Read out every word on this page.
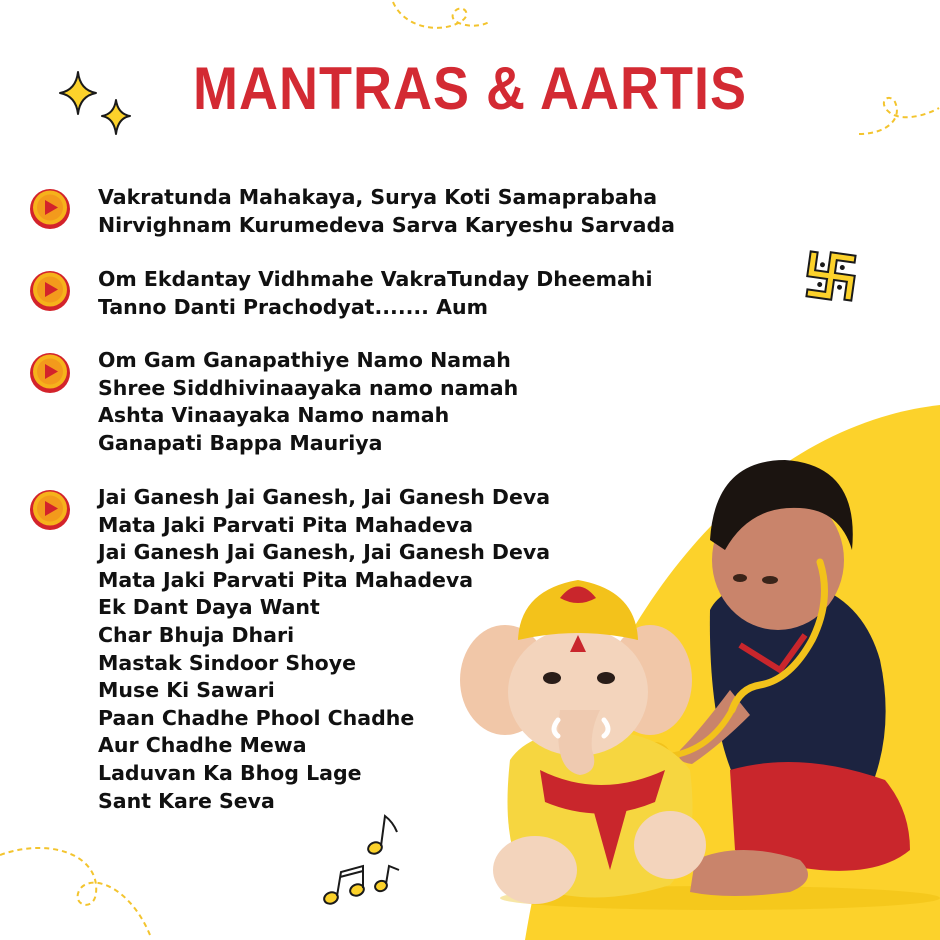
MANTRAS & AARTIS
Vakratunda Mahakaya, Surya Koti Samaprabaha
Nirvighnam Kurumedeva Sarva Karyeshu Sarvada
Om Ekdantay Vidhmahe VakraTunday Dheemahi
Tanno Danti Prachodyat....... Aum
Om Gam Ganapathiye Namo Namah
Shree Siddhivinaayaka namo namah
Ashta Vinaayaka Namo namah
Ganapati Bappa Mauriya
Jai Ganesh Jai Ganesh, Jai Ganesh Deva
Mata Jaki Parvati Pita Mahadeva
Jai Ganesh Jai Ganesh, Jai Ganesh Deva
Mata Jaki Parvati Pita Mahadeva
Ek Dant Daya Want
Char Bhuja Dhari
Mastak Sindoor Shoye
Muse Ki Sawari
Paan Chadhe Phool Chadhe
Aur Chadhe Mewa
Laduvan Ka Bhog Lage
Sant Kare Seva
